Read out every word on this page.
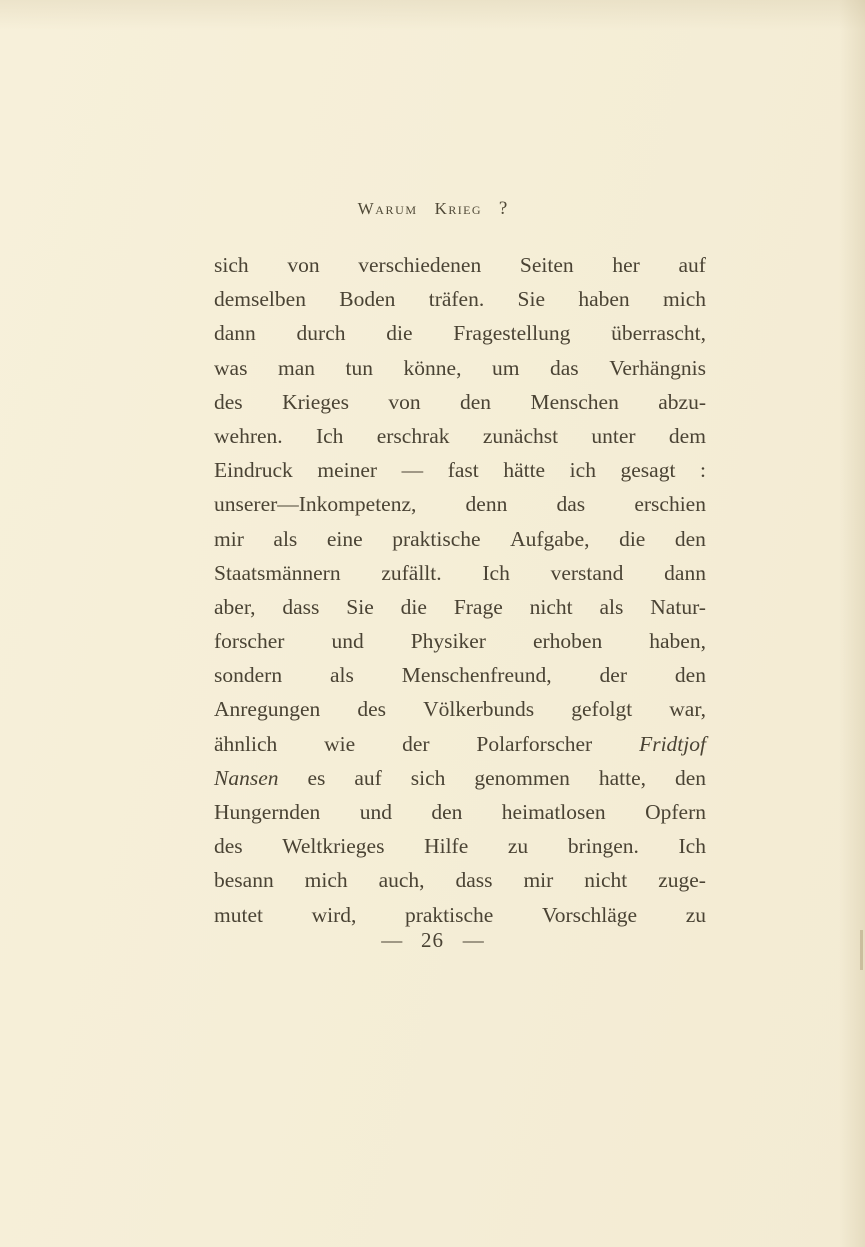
Warum Krieg ?
sich von verschiedenen Seiten her auf
demselben Boden träfen. Sie haben mich
dann durch die Fragestellung überrascht,
was man tun könne, um das Verhängnis
des Krieges von den Menschen abzu-
wehren. Ich erschrak zunächst unter dem
Eindruck meiner — fast hätte ich gesagt :
unserer—Inkompetenz, denn das erschien
mir als eine praktische Aufgabe, die den
Staatsmännern zufällt. Ich verstand dann
aber, dass Sie die Frage nicht als Natur-
forscher und Physiker erhoben haben,
sondern als Menschenfreund, der den
Anregungen des Völkerbunds gefolgt war,
ähnlich wie der Polarforscher Fridtjof
Nansen es auf sich genommen hatte, den
Hungernden und den heimatlosen Opfern
des Weltkrieges Hilfe zu bringen. Ich
besann mich auch, dass mir nicht zuge-
mutet wird, praktische Vorschläge zu
— 26 —
